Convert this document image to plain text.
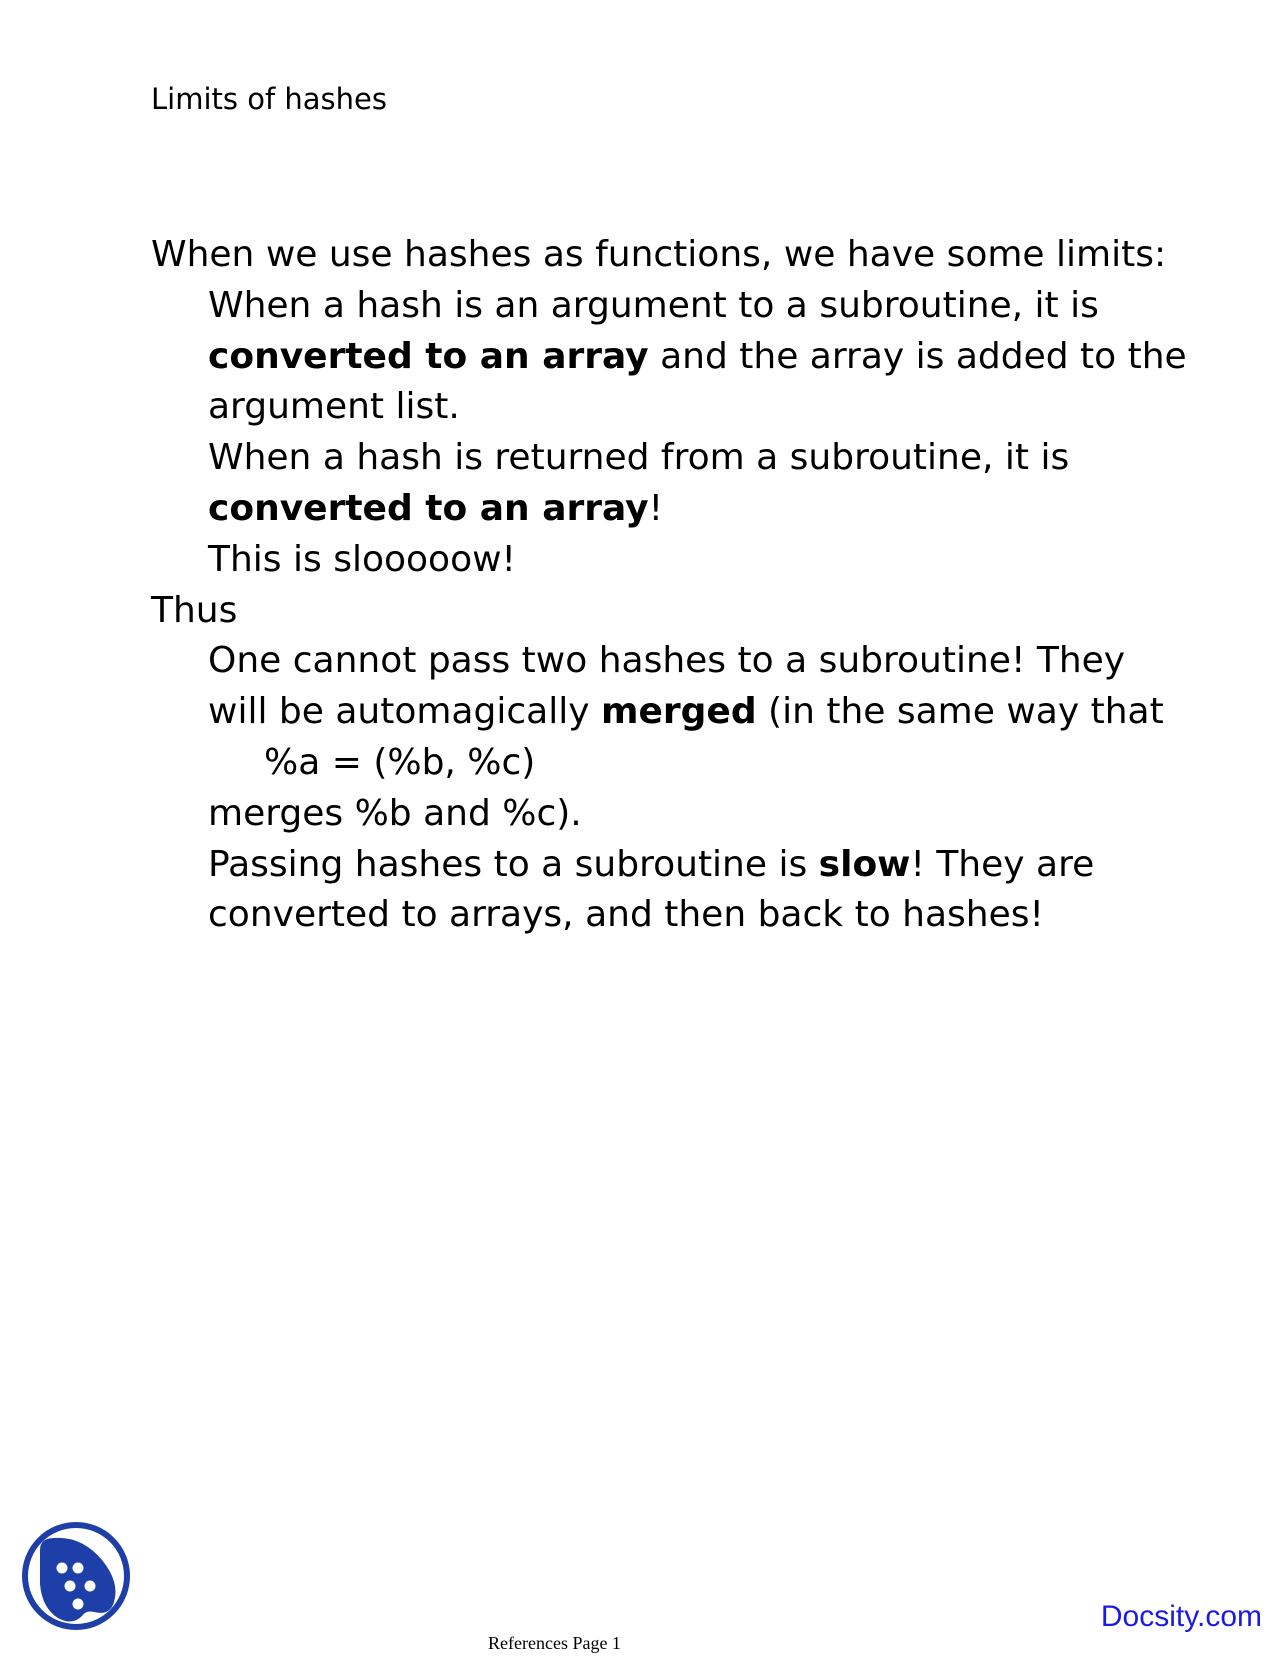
Limits of hashes
When we use hashes as functions, we have some limits:
When a hash is an argument to a subroutine, it is
converted to an array and the array is added to the
argument list.
When a hash is returned from a subroutine, it is
converted to an array!
This is slooooow!
Thus
One cannot pass two hashes to a subroutine! They
will be automagically merged (in the same way that
%a = (%b, %c)
merges %b and %c).
Passing hashes to a subroutine is slow! They are
converted to arrays, and then back to hashes!
Docsity.com
References Page 1
